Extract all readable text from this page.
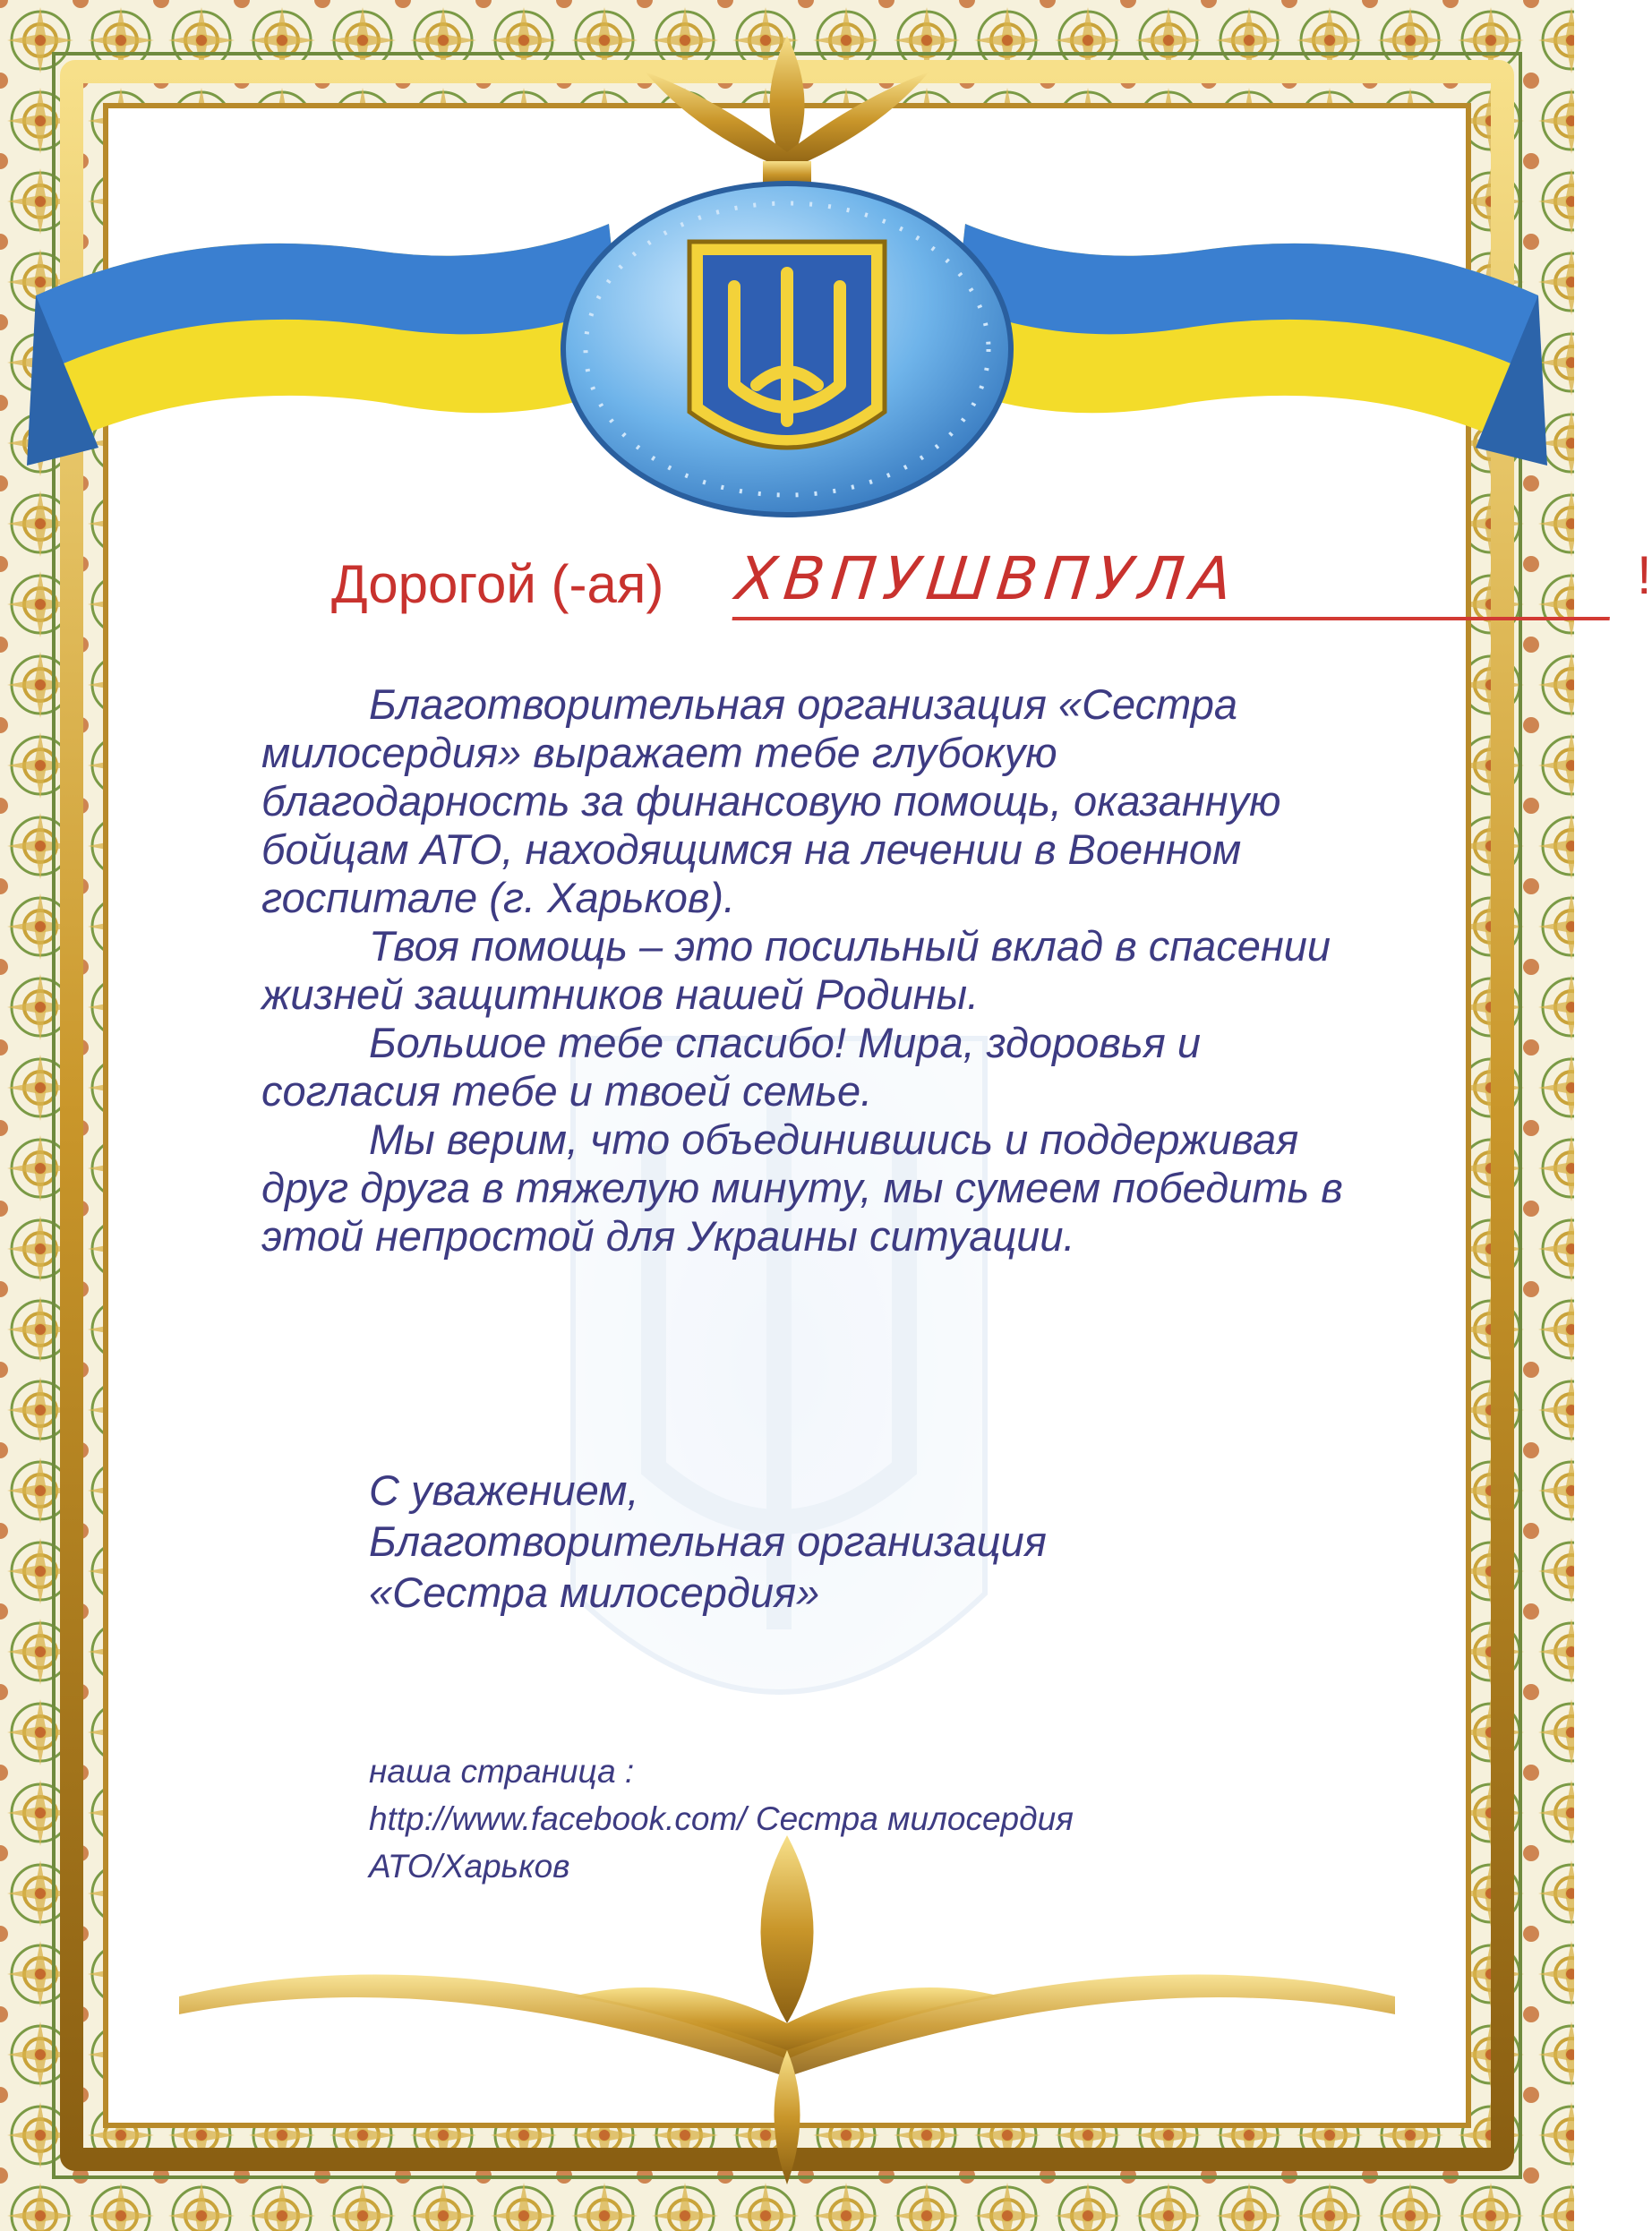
Дорогой (-ая) ХВПУШВПУЛА	!

Благотворительная организация «Сестра милосердия» выражает тебе глубокую благодарность за финансовую помощь, оказанную бойцам АТО, находящимся на лечении в Военном госпитале (г. Харьков).

Твоя помощь – это посильный вклад в спасении жизней защитников нашей Родины.

Большое тебе спасибо! Мира, здоровья и согласия тебе и твоей семье.

Мы верим, что объединившись и поддерживая друг друга в тяжелую минуту, мы сумеем победить в этой непростой для Украины ситуации.

С уважением,
Благотворительная организация
«Сестра милосердия»
наша страница :
http://www.facebook.com/ Сестра милосердия
АТО/Харьков
